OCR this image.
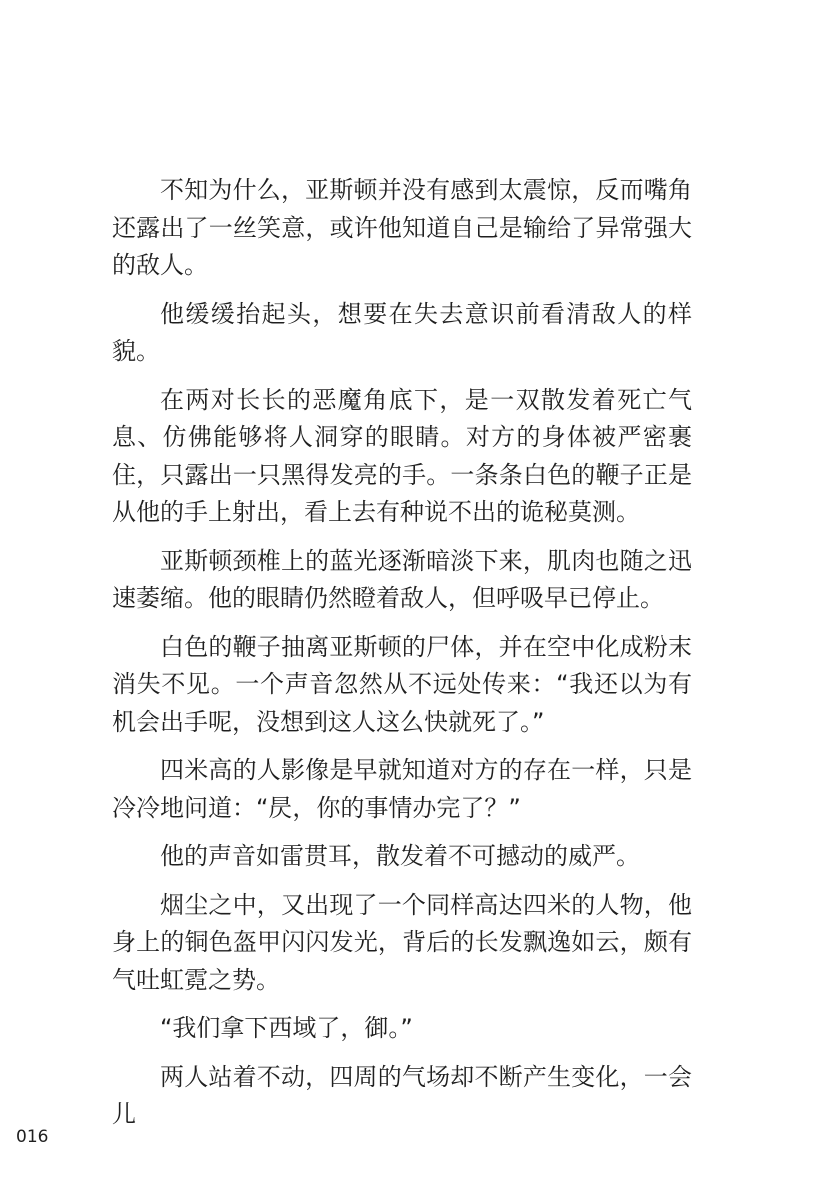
不知为什么，亚斯顿并没有感到太震惊，反而嘴角还露出了一丝笑意，或许他知道自己是输给了异常强大的敌人。

他缓缓抬起头，想要在失去意识前看清敌人的样貌。

在两对长长的恶魔角底下，是一双散发着死亡气息、仿佛能够将人洞穿的眼睛。对方的身体被严密裹住，只露出一只黑得发亮的手。一条条白色的鞭子正是从他的手上射出，看上去有种说不出的诡秘莫测。

亚斯顿颈椎上的蓝光逐渐暗淡下来，肌肉也随之迅速萎缩。他的眼睛仍然瞪着敌人，但呼吸早已停止。

白色的鞭子抽离亚斯顿的尸体，并在空中化成粉末消失不见。一个声音忽然从不远处传来：“我还以为有机会出手呢，没想到这人这么快就死了。”

四米高的人影像是早就知道对方的存在一样，只是冷冷地问道：“昃，你的事情办完了？”

他的声音如雷贯耳，散发着不可撼动的威严。

烟尘之中，又出现了一个同样高达四米的人物，他身上的铜色盔甲闪闪发光，背后的长发飘逸如云，颇有气吐虹霓之势。

“我们拿下西域了，御。”

两人站着不动，四周的气场却不断产生变化，一会儿

016
